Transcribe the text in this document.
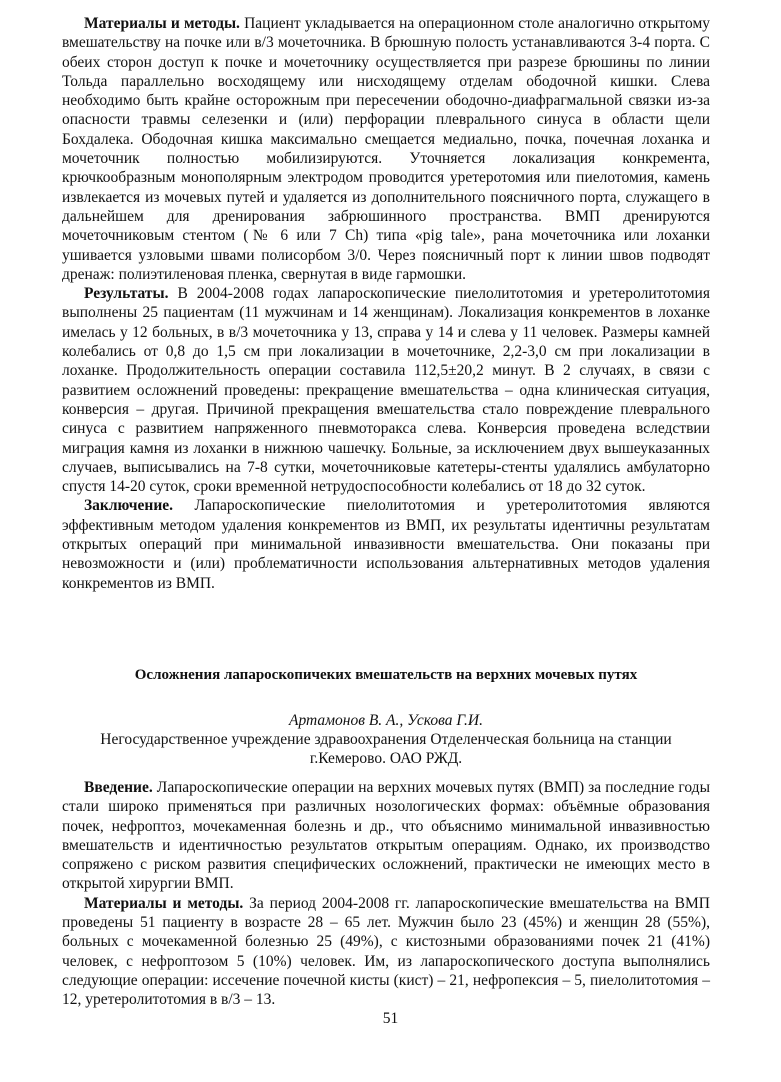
Материалы и методы. Пациент укладывается на операционном столе аналогично открытому вмешательству на почке или в/3 мочеточника. В брюшную полость устанавливаются 3-4 порта. С обеих сторон доступ к почке и мочеточнику осуществляется при разрезе брюшины по линии Тольда параллельно восходящему или нисходящему отделам ободочной кишки. Слева необходимо быть крайне осторожным при пересечении ободочно-диафрагмальной связки из-за опасности травмы селезенки и (или) перфорации плеврального синуса в области щели Бохдалека. Ободочная кишка максимально смещается медиально, почка, почечная лоханка и мочеточник полностью мобилизируются. Уточняется локализация конкремента, крючкообразным монополярным электродом проводится уретеротомия или пиелотомия, камень извлекается из мочевых путей и удаляется из дополнительного поясничного порта, служащего в дальнейшем для дренирования забрюшинного пространства. ВМП дренируются мочеточниковым стентом (№ 6 или 7 Ch) типа «pig tale», рана мочеточника или лоханки ушивается узловыми швами полисорбом 3/0. Через поясничный порт к линии швов подводят дренаж: полиэтиленовая пленка, свернутая в виде гармошки.

Результаты. В 2004-2008 годах лапароскопические пиелолитотомия и уретеролитотомия выполнены 25 пациентам (11 мужчинам и 14 женщинам). Локализация конкрементов в лоханке имелась у 12 больных, в в/3 мочеточника у 13, справа у 14 и слева у 11 человек. Размеры камней колебались от 0,8 до 1,5 см при локализации в мочеточнике, 2,2-3,0 см при локализации в лоханке. Продолжительность операции составила 112,5±20,2 минут. В 2 случаях, в связи с развитием осложнений проведены: прекращение вмешательства – одна клиническая ситуация, конверсия – другая. Причиной прекращения вмешательства стало повреждение плеврального синуса с развитием напряженного пневмоторакса слева. Конверсия проведена вследствии миграция камня из лоханки в нижнюю чашечку. Больные, за исключением двух вышеуказанных случаев, выписывались на 7-8 сутки, мочеточниковые катетеры-стенты удалялись амбулаторно спустя 14-20 суток, сроки временной нетрудоспособности колебались от 18 до 32 суток.

Заключение. Лапароскопические пиелолитотомия и уретеролитотомия являются эффективным методом удаления конкрементов из ВМП, их результаты идентичны результатам открытых операций при минимальной инвазивности вмешательства. Они показаны при невозможности и (или) проблематичности использования альтернативных методов удаления конкрементов из ВМП.

Осложнения лапароскопичеких вмешательств на верхних мочевых путях

Артамонов В. А., Ускова Г.И.

Негосударственное учреждение здравоохранения Отделенческая больница на станции

г.Кемерово. ОАО РЖД.

Введение. Лапароскопические операции на верхних мочевых путях (ВМП) за последние годы стали широко применяться при различных нозологических формах: объёмные образования почек, нефроптоз, мочекаменная болезнь и др., что объяснимо минимальной инвазивностью вмешательств и идентичностью результатов открытым операциям. Однако, их производство сопряжено с риском развития специфических осложнений, практически не имеющих место в открытой хирургии ВМП.

Материалы и методы. За период 2004-2008 гг. лапароскопические вмешательства на ВМП проведены 51 пациенту в возрасте 28 – 65 лет. Мужчин было 23 (45%) и женщин 28 (55%), больных с мочекаменной болезнью 25 (49%), с кистозными образованиями почек 21 (41%) человек, с нефроптозом 5 (10%) человек. Им, из лапароскопического доступа выполнялись следующие операции: иссечение почечной кисты (кист) – 21, нефропексия – 5, пиелолитотомия – 12, уретеролитотомия в в/3 – 13.

51
